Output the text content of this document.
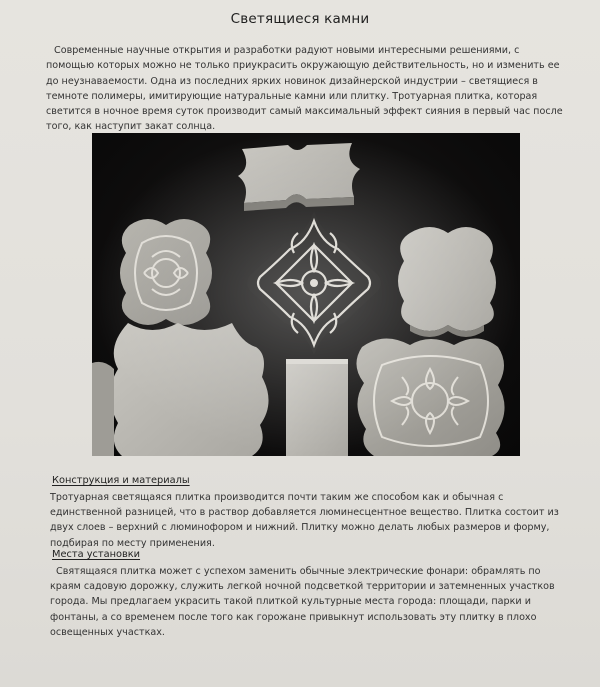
Светящиеся камни

Современные научные открытия и разработки радуют новыми интересными решениями, с помощью которых можно не только приукрасить окружающую действительность, но и изменить ее до неузнаваемости. Одна из последних ярких новинок дизайнерской индустрии – светящиеся в темноте полимеры, имитирующие натуральные камни или плитку. Тротуарная плитка, которая светится в ночное время суток производит самый максимальный эффект сияния в первый час после того, как наступит закат солнца.

Конструкция и материалы

Тротуарная светящаяся плитка производится почти таким же способом как и обычная с единственной разницей, что в раствор добавляется люминесцентное вещество. Плитка состоит из двух слоев – верхний с люминофором и нижний. Плитку можно делать любых размеров и форму, подбирая по месту применения.

Места установки

Святящаяся плитка может с успехом заменить обычные электрические фонари: обрамлять по краям садовую дорожку, служить легкой ночной подсветкой территории и затемненных участков города. Мы предлагаем украсить такой плиткой культурные места города: площади, парки и фонтаны, а со временем после того как горожане привыкнут использовать эту плитку в плохо освещенных участках.
